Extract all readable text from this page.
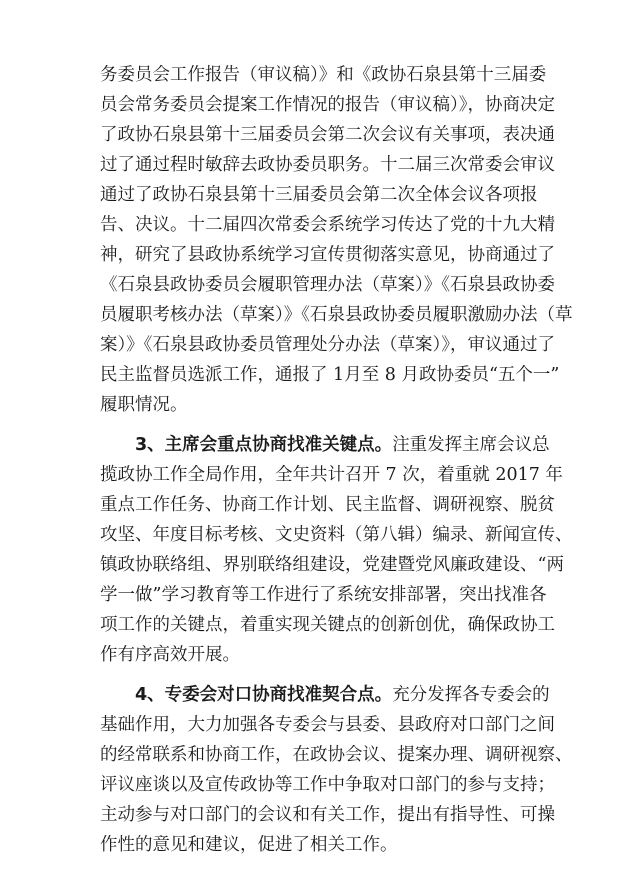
务委员会工作报告（审议稿）》和《政协石泉县第十三届委
员会常务委员会提案工作情况的报告（审议稿）》，协商决定
了政协石泉县第十三届委员会第二次会议有关事项，表决通
过了通过程时敏辞去政协委员职务。十二届三次常委会审议
通过了政协石泉县第十三届委员会第二次全体会议各项报
告、决议。十二届四次常委会系统学习传达了党的十九大精
神，研究了县政协系统学习宣传贯彻落实意见，协商通过了
《石泉县政协委员会履职管理办法（草案）》《石泉县政协委
员履职考核办法（草案）》《石泉县政协委员履职激励办法（草
案）》《石泉县政协委员管理处分办法（草案）》，审议通过了
民主监督员选派工作，通报了 1月至 8 月政协委员“五个一”
履职情况。
3、主席会重点协商找准关键点。注重发挥主席会议总
揽政协工作全局作用，全年共计召开 7 次，着重就 2017 年
重点工作任务、协商工作计划、民主监督、调研视察、脱贫
攻坚、年度目标考核、文史资料（第八辑）编录、新闻宣传、
镇政协联络组、界别联络组建设，党建暨党风廉政建设、“两
学一做”学习教育等工作进行了系统安排部署，突出找准各
项工作的关键点，着重实现关键点的创新创优，确保政协工
作有序高效开展。
4、专委会对口协商找准契合点。充分发挥各专委会的
基础作用，大力加强各专委会与县委、县政府对口部门之间
的经常联系和协商工作，在政协会议、提案办理、调研视察、
评议座谈以及宣传政协等工作中争取对口部门的参与支持；
主动参与对口部门的会议和有关工作，提出有指导性、可操
作性的意见和建议，促进了相关工作。
